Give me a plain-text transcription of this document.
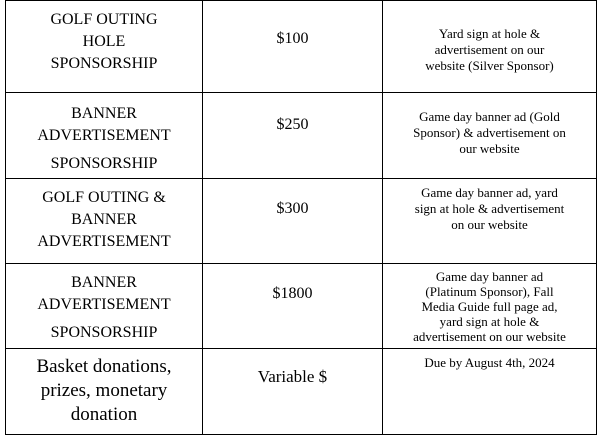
GOLF OUTING
HOLE
SPONSORSHIP	$100	Yard sign at hole &
advertisement on our
website (Silver Sponsor)

BANNER
ADVERTISEMENT
SPONSORSHIP	$250	Game day banner ad (Gold
Sponsor) & advertisement on
our website

GOLF OUTING &
BANNER
ADVERTISEMENT	$300	Game day banner ad, yard
sign at hole & advertisement
on our website

BANNER
ADVERTISEMENT
SPONSORSHIP	$1800	Game day banner ad
(Platinum Sponsor), Fall
Media Guide full page ad,
yard sign at hole &
advertisement on our website

Basket donations,
prizes, monetary
donation	Variable $	Due by August 4th, 2024
